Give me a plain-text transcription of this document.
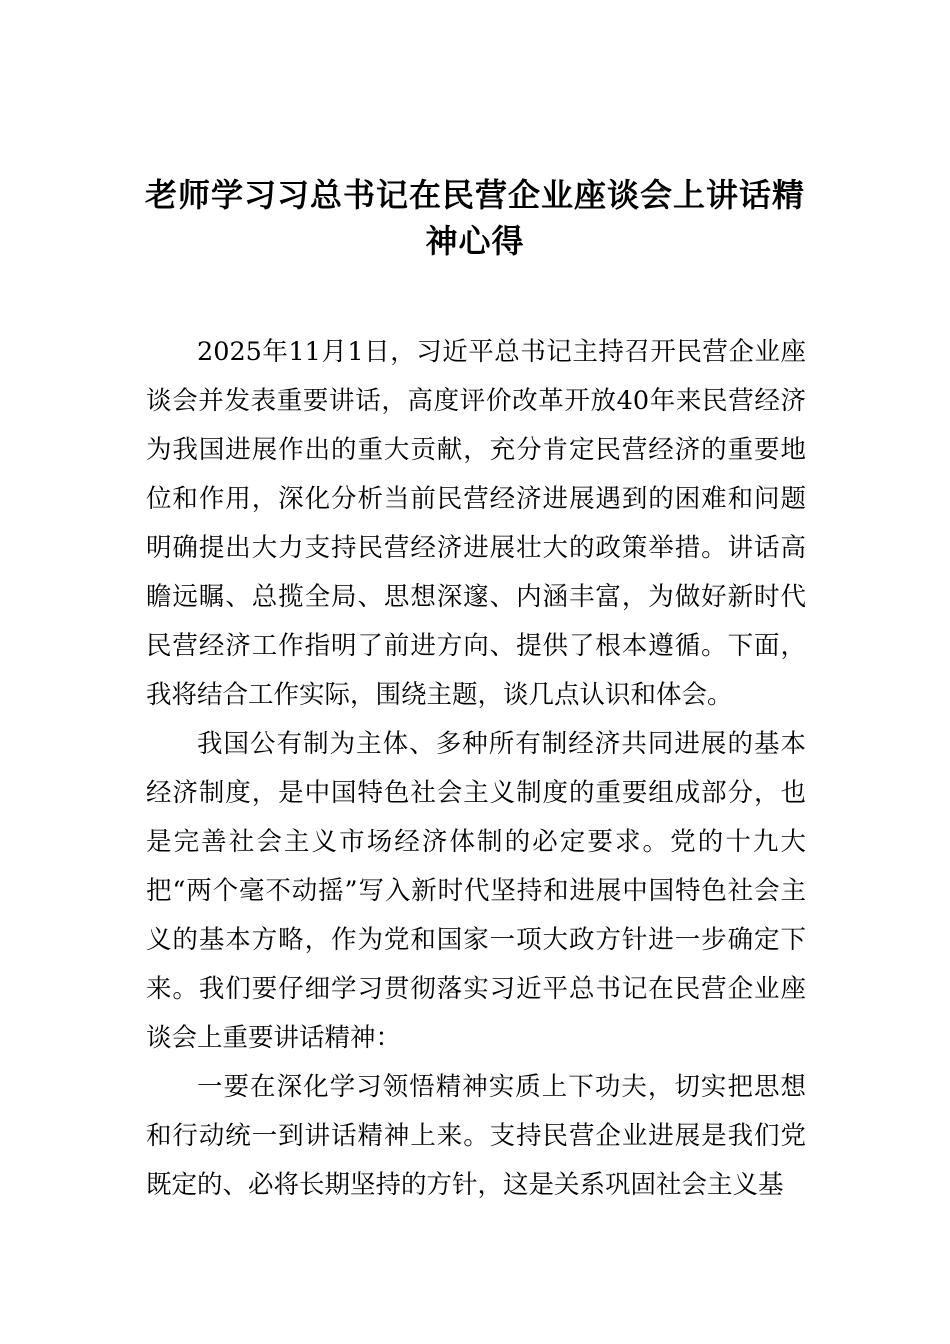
老师学习习总书记在民营企业座谈会上讲话精神心得

2025年11月1日，习近平总书记主持召开民营企业座谈会并发表重要讲话，高度评价改革开放40年来民营经济为我国进展作出的重大贡献，充分肯定民营经济的重要地位和作用，深化分析当前民营经济进展遇到的困难和问题明确提出大力支持民营经济进展壮大的政策举措。讲话高瞻远瞩、总揽全局、思想深邃、内涵丰富，为做好新时代民营经济工作指明了前进方向、提供了根本遵循。下面，我将结合工作实际，围绕主题，谈几点认识和体会。

我国公有制为主体、多种所有制经济共同进展的基本经济制度，是中国特色社会主义制度的重要组成部分，也是完善社会主义市场经济体制的必定要求。党的十九大把“两个毫不动摇”写入新时代坚持和进展中国特色社会主义的基本方略，作为党和国家一项大政方针进一步确定下来。我们要仔细学习贯彻落实习近平总书记在民营企业座谈会上重要讲话精神：

一要在深化学习领悟精神实质上下功夫，切实把思想和行动统一到讲话精神上来。支持民营企业进展是我们党既定的、必将长期坚持的方针，这是关系巩固社会主义基
